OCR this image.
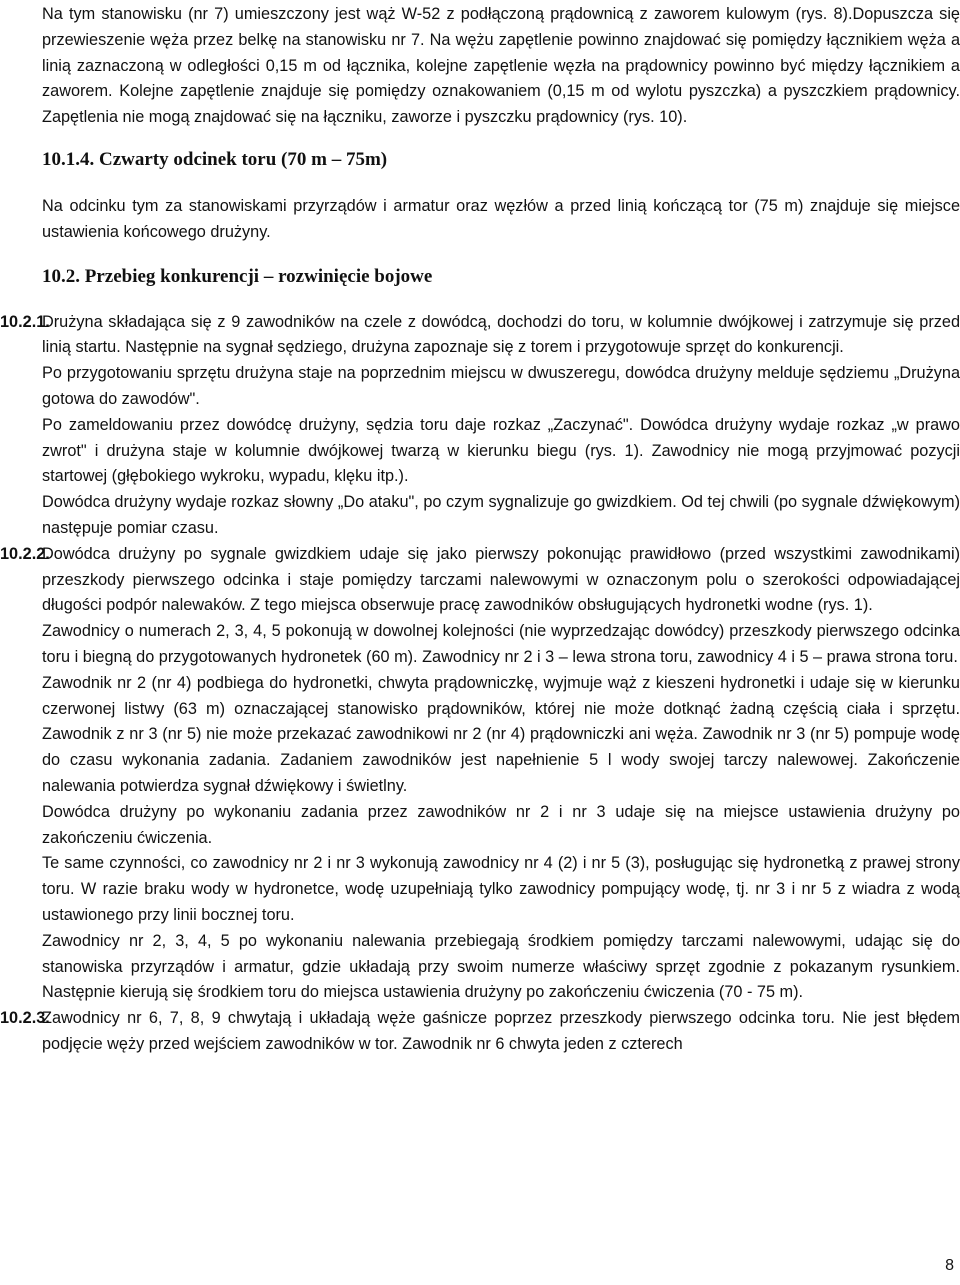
Na tym stanowisku (nr 7) umieszczony jest wąż W-52 z podłączoną prądownicą z zaworem kulowym (rys. 8).Dopuszcza się przewieszenie węża przez belkę na stanowisku nr 7. Na wężu zapętlenie powinno znajdować się pomiędzy łącznikiem węża a linią zaznaczoną w odległości 0,15 m od łącznika, kolejne zapętlenie węzła na prądownicy powinno być między łącznikiem a zaworem. Kolejne zapętlenie znajduje się pomiędzy oznakowaniem (0,15 m od wylotu pyszczka) a pyszczkiem prądownicy. Zapętlenia nie mogą znajdować się na łączniku, zaworze i pyszczku prądownicy (rys. 10).

10.1.4. Czwarty odcinek toru (70 m – 75m)

Na odcinku tym za stanowiskami przyrządów i armatur oraz węzłów a przed linią kończącą tor (75 m) znajduje się miejsce ustawienia końcowego drużyny.

10.2. Przebieg konkurencji – rozwinięcie bojowe

10.2.1.
Drużyna składająca się z 9 zawodników na czele z dowódcą, dochodzi do toru, w kolumnie dwójkowej i zatrzymuje się przed linią startu. Następnie na sygnał sędziego, drużyna zapoznaje się z torem i przygotowuje sprzęt do konkurencji.

Po przygotowaniu sprzętu drużyna staje na poprzednim miejscu w dwuszeregu, dowódca drużyny melduje sędziemu „Drużyna gotowa do zawodów".

Po zameldowaniu przez dowódcę drużyny, sędzia toru daje rozkaz „Zaczynać". Dowódca drużyny wydaje rozkaz „w prawo zwrot" i drużyna staje w kolumnie dwójkowej twarzą w kierunku biegu (rys. 1). Zawodnicy nie mogą przyjmować pozycji startowej (głębokiego wykroku, wypadu, klęku itp.).

Dowódca drużyny wydaje rozkaz słowny „Do ataku", po czym sygnalizuje go gwizdkiem. Od tej chwili (po sygnale dźwiękowym) następuje pomiar czasu.

10.2.2.
Dowódca drużyny po sygnale gwizdkiem udaje się jako pierwszy pokonując prawidłowo (przed wszystkimi zawodnikami) przeszkody pierwszego odcinka i staje pomiędzy tarczami nalewowymi w oznaczonym polu o szerokości odpowiadającej długości podpór nalewaków. Z tego miejsca obserwuje pracę zawodników obsługujących hydronetki wodne (rys. 1).

Zawodnicy o numerach 2, 3, 4, 5 pokonują w dowolnej kolejności (nie wyprzedzając dowódcy) przeszkody pierwszego odcinka toru i biegną do przygotowanych hydronetek (60 m). Zawodnicy nr 2 i 3 – lewa strona toru, zawodnicy 4 i 5 – prawa strona toru.

Zawodnik nr 2 (nr 4) podbiega do hydronetki, chwyta prądowniczkę, wyjmuje wąż z kieszeni hydronetki i udaje się w kierunku czerwonej listwy (63 m) oznaczającej stanowisko prądowników, której nie może dotknąć żadną częścią ciała i sprzętu. Zawodnik z nr 3 (nr 5) nie może przekazać zawodnikowi nr 2 (nr 4) prądowniczki ani węża. Zawodnik nr 3 (nr 5) pompuje wodę do czasu wykonania zadania. Zadaniem zawodników jest napełnienie 5 l wody swojej tarczy nalewowej. Zakończenie nalewania potwierdza sygnał dźwiękowy i świetlny.

Dowódca drużyny po wykonaniu zadania przez zawodników nr 2 i nr 3 udaje się na miejsce ustawienia drużyny po zakończeniu ćwiczenia.

Te same czynności, co zawodnicy nr 2 i nr 3 wykonują zawodnicy nr 4 (2) i nr 5 (3), posługując się hydronetką z prawej strony toru. W razie braku wody w hydronetce, wodę uzupełniają tylko zawodnicy pompujący wodę, tj. nr 3 i nr 5 z wiadra z wodą ustawionego przy linii bocznej toru.

Zawodnicy nr 2, 3, 4, 5 po wykonaniu nalewania przebiegają środkiem pomiędzy tarczami nalewowymi, udając się do stanowiska przyrządów i armatur, gdzie układają przy swoim numerze właściwy sprzęt zgodnie z pokazanym rysunkiem. Następnie kierują się środkiem toru do miejsca ustawienia drużyny po zakończeniu ćwiczenia (70 - 75 m).

10.2.3.
Zawodnicy nr 6, 7, 8, 9 chwytają i układają węże gaśnicze poprzez przeszkody pierwszego odcinka toru. Nie jest błędem podjęcie węży przed wejściem zawodników w tor. Zawodnik nr 6 chwyta jeden z czterech

8
